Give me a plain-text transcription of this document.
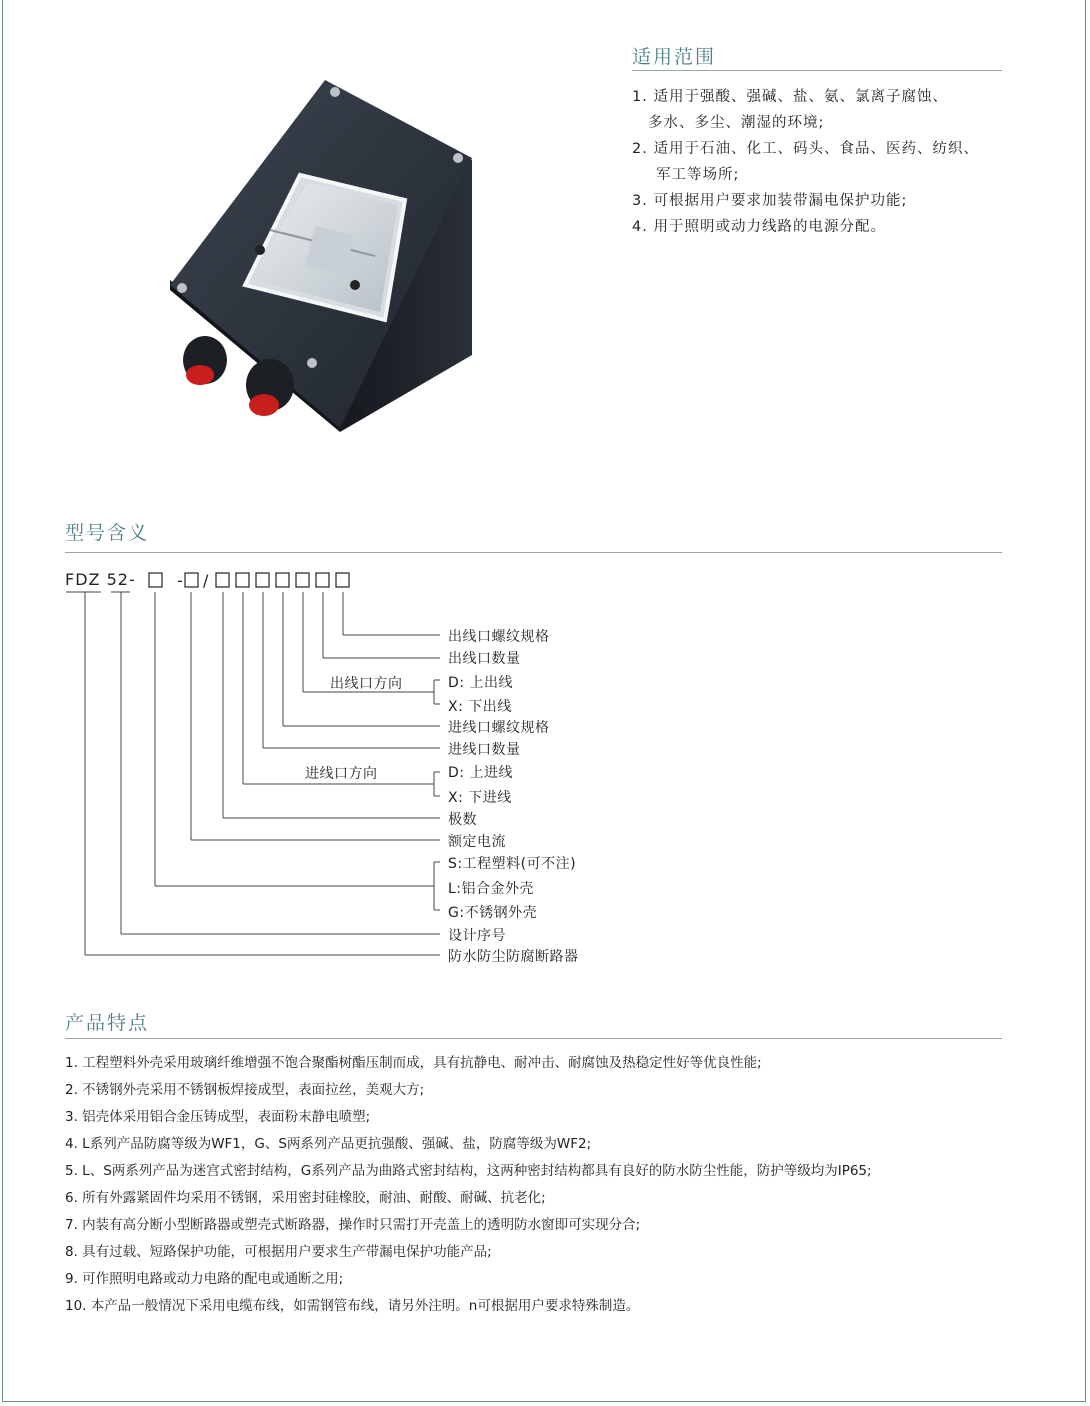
适用范围
1. 适用于强酸、强碱、盐、氨、氯离子腐蚀、
多水、多尘、潮湿的环境;
2. 适用于石油、化工、码头、食品、医药、纺织、
军工等场所;
3. 可根据用户要求加装带漏电保护功能;
4. 用于照明或动力线路的电源分配。
型号含义
FDZ 52-	- /
出线口螺纹规格
出线口数量
出线口方向	D: 上出线
X: 下出线
进线口螺纹规格
进线口数量
进线口方向	D: 上进线
X: 下进线
极数
额定电流
S:工程塑料(可不注)
L:铝合金外壳
G:不锈钢外壳
设计序号
防水防尘防腐断路器
产品特点
1. 工程塑料外壳采用玻璃纤维增强不饱合聚酯树酯压制而成，具有抗静电、耐冲击、耐腐蚀及热稳定性好等优良性能;
2. 不锈钢外壳采用不锈钢板焊接成型，表面拉丝，美观大方;
3. 铝壳体采用铝合金压铸成型，表面粉末静电喷塑;
4. L系列产品防腐等级为WF1，G、S两系列产品更抗强酸、强碱、盐，防腐等级为WF2;
5. L、S两系列产品为迷宫式密封结构，G系列产品为曲路式密封结构，这两种密封结构都具有良好的防水防尘性能，防护等级均为IP65;
6. 所有外露紧固件均采用不锈钢，采用密封硅橡胶，耐油、耐酸、耐碱、抗老化;
7. 内装有高分断小型断路器或塑壳式断路器，操作时只需打开壳盖上的透明防水窗即可实现分合;
8. 具有过载、短路保护功能，可根据用户要求生产带漏电保护功能产品;
9. 可作照明电路或动力电路的配电或通断之用;
10. 本产品一般情况下采用电缆布线，如需钢管布线，请另外注明。n可根据用户要求特殊制造。
